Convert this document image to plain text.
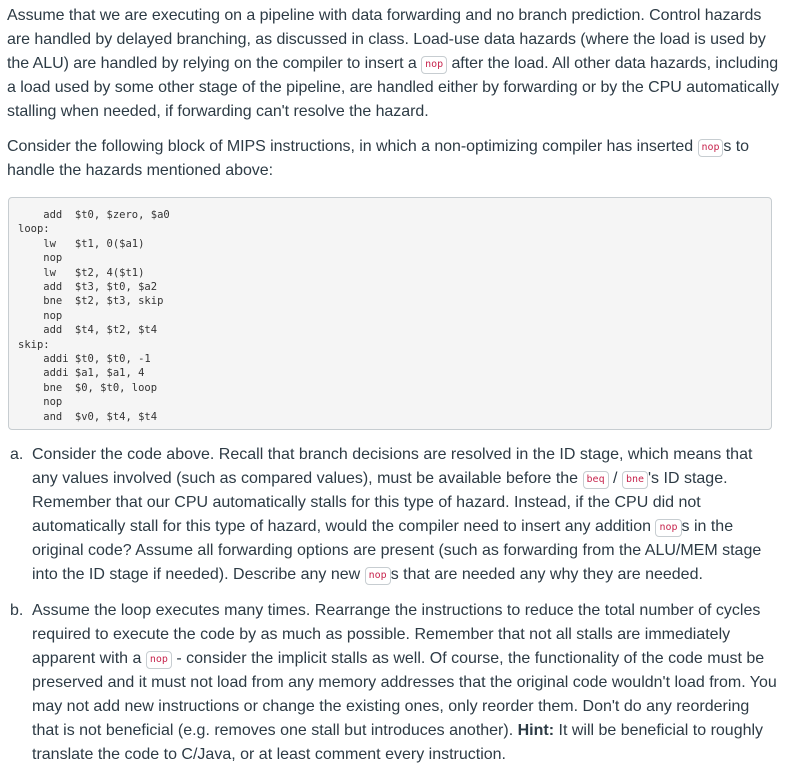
Assume that we are executing on a pipeline with data forwarding and no branch prediction. Control hazards are handled by delayed branching, as discussed in class. Load-use data hazards (where the load is used by the ALU) are handled by relying on the compiler to insert a nop after the load. All other data hazards, including a load used by some other stage of the pipeline, are handled either by forwarding or by the CPU automatically stalling when needed, if forwarding can't resolve the hazard.

Consider the following block of MIPS instructions, in which a non-optimizing compiler has inserted nop s to handle the hazards mentioned above:

add  $t0, $zero, $a0
loop:
lw   $t1, 0($a1)
nop
lw   $t2, 4($t1)
add  $t3, $t0, $a2
bne  $t2, $t3, skip
nop
add  $t4, $t2, $t4
skip:
addi $t0, $t0, -1
addi $a1, $a1, 4
bne  $0, $t0, loop
nop
and  $v0, $t4, $t4
a. Consider the code above. Recall that branch decisions are resolved in the ID stage, which means that any values involved (such as compared values), must be available before the beq / bne 's ID stage. Remember that our CPU automatically stalls for this type of hazard. Instead, if the CPU did not automatically stall for this type of hazard, would the compiler need to insert any addition nop s in the original code? Assume all forwarding options are present (such as forwarding from the ALU/MEM stage into the ID stage if needed). Describe any new nop s that are needed any why they are needed.
b. Assume the loop executes many times. Rearrange the instructions to reduce the total number of cycles required to execute the code by as much as possible. Remember that not all stalls are immediately apparent with a nop - consider the implicit stalls as well. Of course, the functionality of the code must be preserved and it must not load from any memory addresses that the original code wouldn't load from. You may not add new instructions or change the existing ones, only reorder them. Don't do any reordering that is not beneficial (e.g. removes one stall but introduces another). Hint: It will be beneficial to roughly translate the code to C/Java, or at least comment every instruction.
